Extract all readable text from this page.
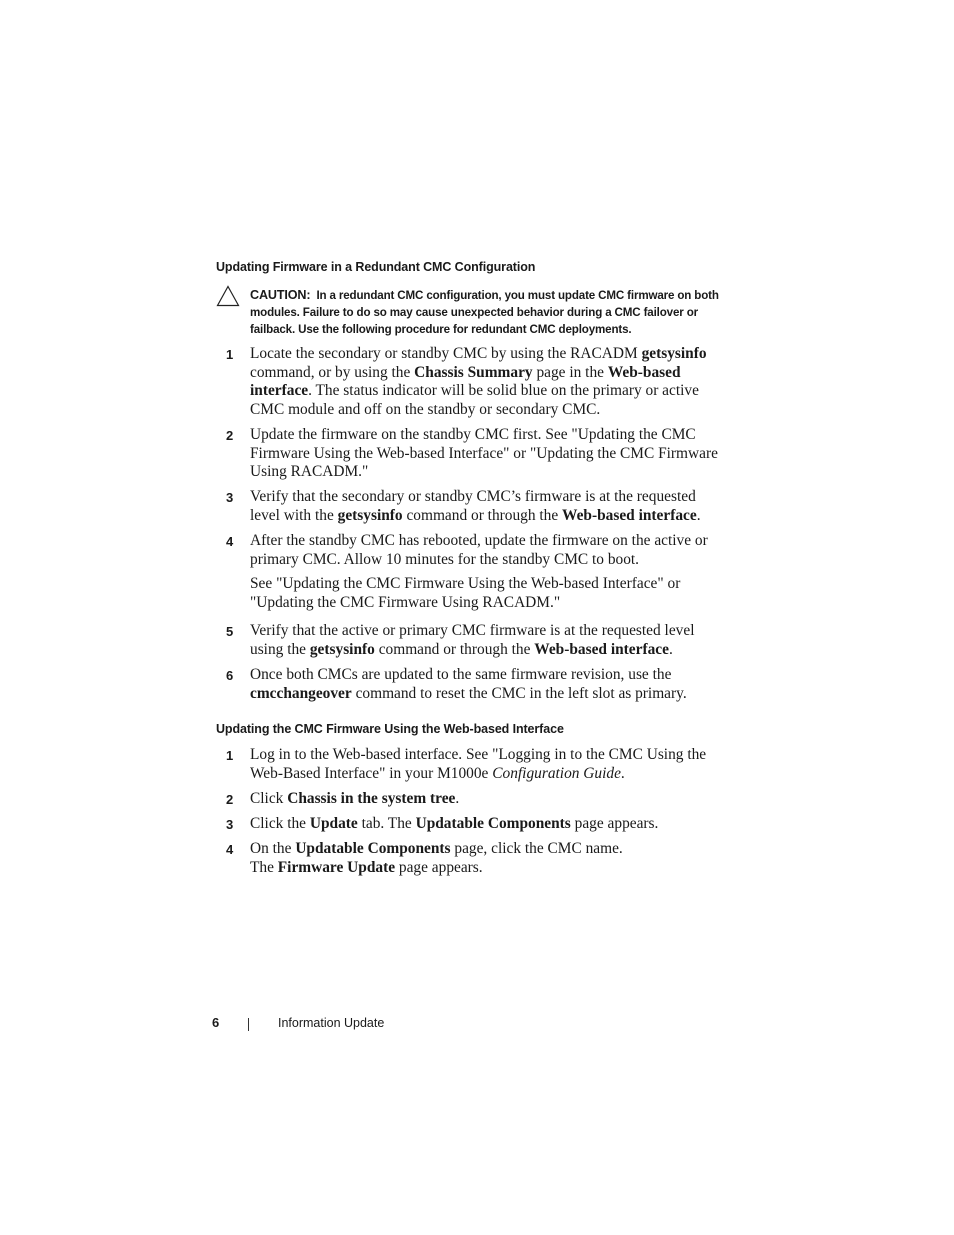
Updating Firmware in a Redundant CMC Configuration
CAUTION: In a redundant CMC configuration, you must update CMC firmware on both modules. Failure to do so may cause unexpected behavior during a CMC failover or failback. Use the following procedure for redundant CMC deployments.
1 Locate the secondary or standby CMC by using the RACADM getsysinfo command, or by using the Chassis Summary page in the Web-based interface. The status indicator will be solid blue on the primary or active CMC module and off on the standby or secondary CMC.
2 Update the firmware on the standby CMC first. See "Updating the CMC Firmware Using the Web-based Interface" or "Updating the CMC Firmware Using RACADM."
3 Verify that the secondary or standby CMC’s firmware is at the requested level with the getsysinfo command or through the Web-based interface.
4 After the standby CMC has rebooted, update the firmware on the active or primary CMC. Allow 10 minutes for the standby CMC to boot.
See "Updating the CMC Firmware Using the Web-based Interface" or "Updating the CMC Firmware Using RACADM."
5 Verify that the active or primary CMC firmware is at the requested level using the getsysinfo command or through the Web-based interface.
6 Once both CMCs are updated to the same firmware revision, use the cmcchangeover command to reset the CMC in the left slot as primary.
Updating the CMC Firmware Using the Web-based Interface
1 Log in to the Web-based interface. See "Logging in to the CMC Using the Web-Based Interface" in your M1000e Configuration Guide.
2 Click Chassis in the system tree.
3 Click the Update tab. The Updatable Components page appears.
4 On the Updatable Components page, click the CMC name.
The Firmware Update page appears.
6	Information Update
